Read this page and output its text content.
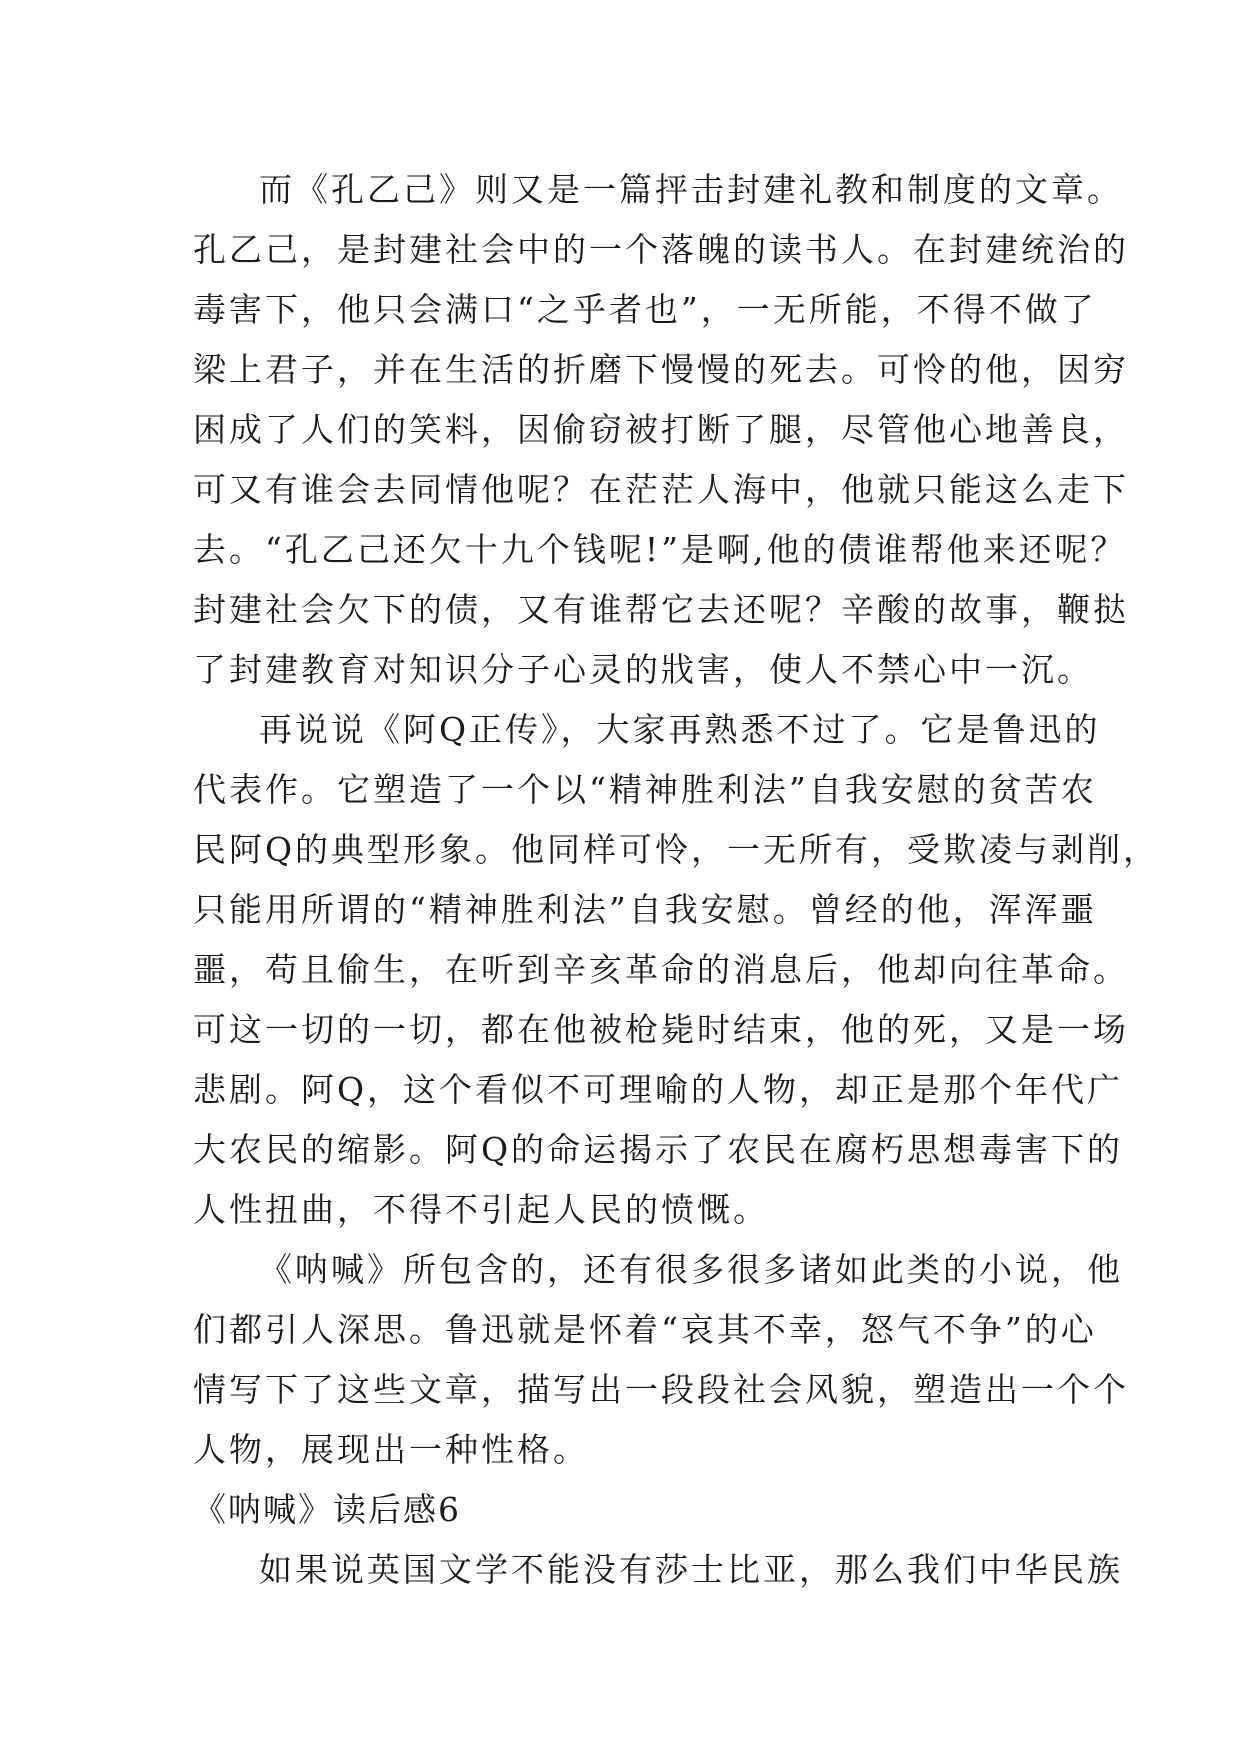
而《孔乙己》则又是一篇抨击封建礼教和制度的文章。
孔乙己，是封建社会中的一个落魄的读书人。在封建统治的
毒害下，他只会满口“之乎者也”，一无所能，不得不做了
梁上君子，并在生活的折磨下慢慢的死去。可怜的他，因穷
困成了人们的笑料，因偷窃被打断了腿，尽管他心地善良，
可又有谁会去同情他呢？在茫茫人海中，他就只能这么走下
去。“孔乙己还欠十九个钱呢!”是啊,他的债谁帮他来还呢？
封建社会欠下的债，又有谁帮它去还呢？辛酸的故事，鞭挞
了封建教育对知识分子心灵的戕害，使人不禁心中一沉。
再说说《阿Q正传》，大家再熟悉不过了。它是鲁迅的
代表作。它塑造了一个以“精神胜利法”自我安慰的贫苦农
民阿Q的典型形象。他同样可怜，一无所有，受欺凌与剥削，
只能用所谓的“精神胜利法”自我安慰。曾经的他，浑浑噩
噩，苟且偷生，在听到辛亥革命的消息后，他却向往革命。
可这一切的一切，都在他被枪毙时结束，他的死，又是一场
悲剧。阿Q，这个看似不可理喻的人物，却正是那个年代广
大农民的缩影。阿Q的命运揭示了农民在腐朽思想毒害下的
人性扭曲，不得不引起人民的愤慨。
《呐喊》所包含的，还有很多很多诸如此类的小说，他
们都引人深思。鲁迅就是怀着“哀其不幸，怒气不争”的心
情写下了这些文章，描写出一段段社会风貌，塑造出一个个
人物，展现出一种性格。
《呐喊》读后感6
如果说英国文学不能没有莎士比亚，那么我们中华民族
